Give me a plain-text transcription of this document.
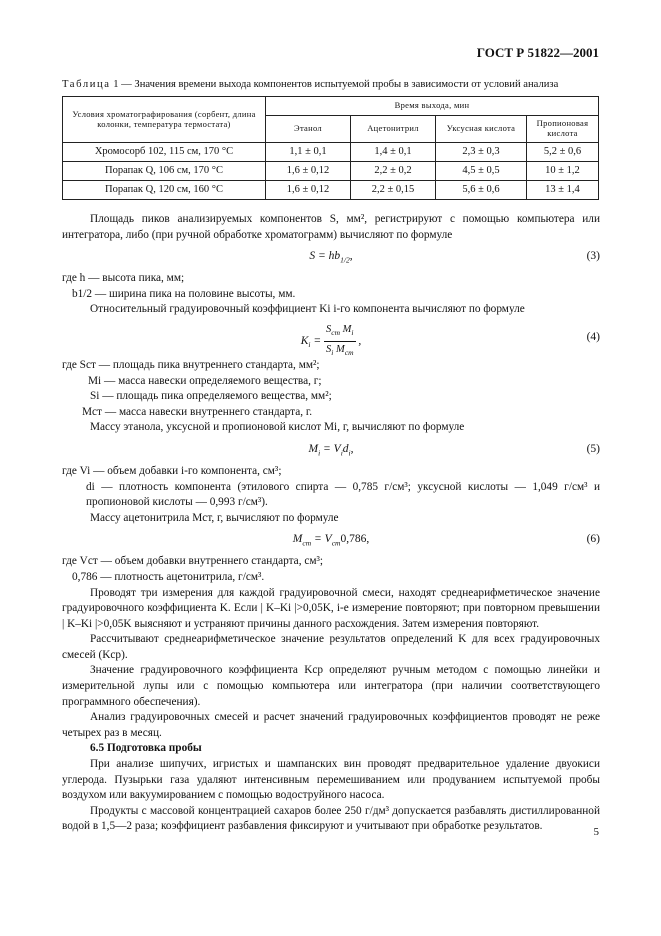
ГОСТ Р 51822—2001
Таблица 1 — Значения времени выхода компонентов испытуемой пробы в зависимости от условий анализа
Условия хроматографирования (сорбент, длина колонки, температура термостата)	Время выхода, мин			
	Этанол	Ацетонитрил	Уксусная кислота	Пропионовая кислота
Хромосорб 102, 115 см, 170 °С	1,1 ± 0,1	1,4 ± 0,1	2,3 ± 0,3	5,2 ± 0,6
Порапак Q, 106 см, 170 °С	1,6 ± 0,12	2,2 ± 0,2	4,5 ± 0,5	10 ± 1,2
Порапак Q, 120 см, 160 °С	1,6 ± 0,12	2,2 ± 0,15	5,6 ± 0,6	13 ± 1,4

Площадь пиков анализируемых компонентов S, мм², регистрируют с помощью компьютера или интегратора, либо (при ручной обработке хроматограмм) вычисляют по формуле

$S = hb_{1/2}$,	(3)

где h — высота пика, мм;

b1/2 — ширина пика на половине высоты, мм.

Относительный градуировочный коэффициент Ki i-го компонента вычисляют по формуле

$K_i = \frac{S_{ст} M_i}{S_i M_{ст}}$ ,	(4)

где Sст — площадь пика внутреннего стандарта, мм²;

Mi — масса навески определяемого вещества, г;

Si — площадь пика определяемого вещества, мм²;

Mст — масса навески внутреннего стандарта, г.

Массу этанола, уксусной и пропионовой кислот Mi, г, вычисляют по формуле

$M_i = V_id_i$,	(5)

где Vi — объем добавки i-го компонента, см³;

di — плотность компонента (этилового спирта — 0,785 г/см³; уксусной кислоты — 1,049 г/см³ и пропионовой кислоты — 0,993 г/см³).

Массу ацетонитрила Mст, г, вычисляют по формуле

$M_{ст} = V_{ст}0,786$,	(6)

где Vст — объем добавки внутреннего стандарта, см³;

0,786 — плотность ацетонитрила, г/см³.

Проводят три измерения для каждой градуировочной смеси, находят среднеарифметическое значение градуировочного коэффициента K. Если | K–Ki |>0,05K, i-е измерение повторяют; при повторном превышении | K–Ki |>0,05K выясняют и устраняют причины данного расхождения. Затем измерения повторяют.

Рассчитывают среднеарифметическое значение результатов определений K для всех градуировочных смесей (Kср).

Значение градуировочного коэффициента Kср определяют ручным методом с помощью линейки и измерительной лупы или с помощью компьютера или интегратора (при наличии соответствующего программного обеспечения).

Анализ градуировочных смесей и расчет значений градуировочных коэффициентов проводят не реже четырех раз в месяц.

6.5 Подготовка пробы

При анализе шипучих, игристых и шампанских вин проводят предварительное удаление двуокиси углерода. Пузырьки газа удаляют интенсивным перемешиванием или продуванием испытуемой пробы воздухом или вакуумированием с помощью водоструйного насоса.

Продукты с массовой концентрацией сахаров более 250 г/дм³ допускается разбавлять дистиллированной водой в 1,5—2 раза; коэффициент разбавления фиксируют и учитывают при обработке результатов.	5
